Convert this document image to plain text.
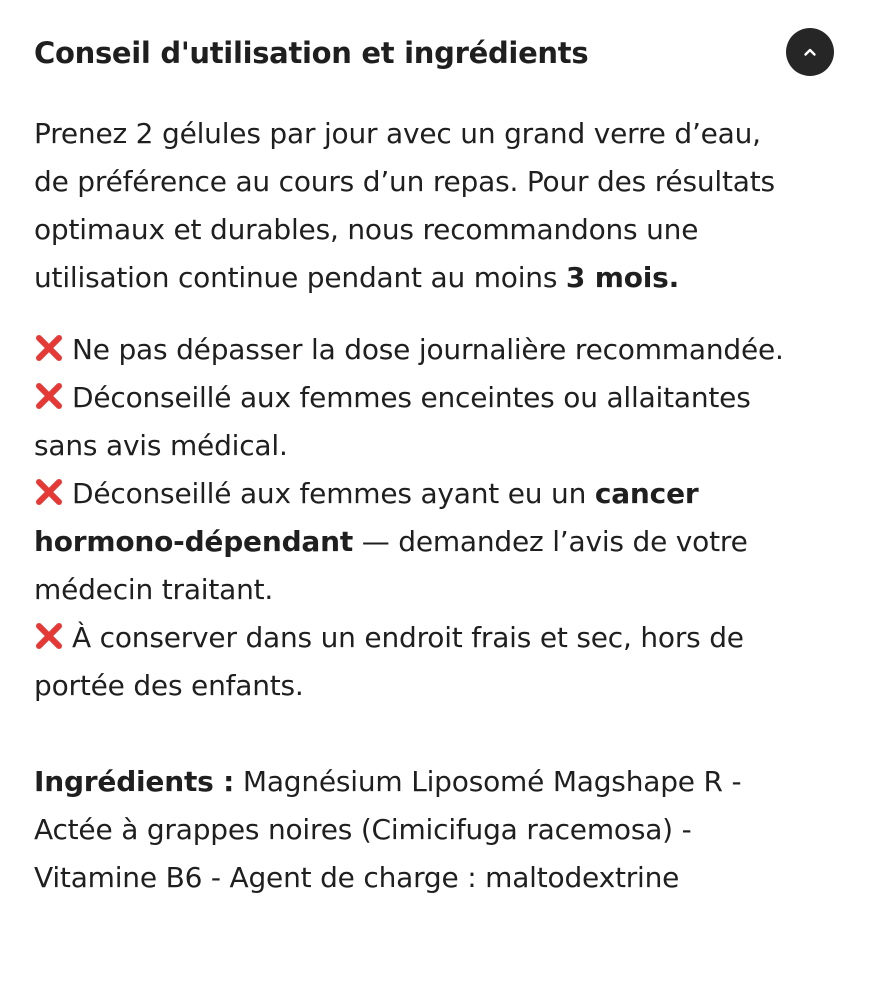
Conseil d'utilisation et ingrédients

Prenez 2 gélules par jour avec un grand verre d’eau, de préférence au cours d’un repas. Pour des résultats optimaux et durables, nous recommandons une utilisation continue pendant au moins 3 mois.

Ne pas dépasser la dose journalière recommandée.
Déconseillé aux femmes enceintes ou allaitantes sans avis médical.
Déconseillé aux femmes ayant eu un cancer hormono-dépendant — demandez l’avis de votre médecin traitant.
À conserver dans un endroit frais et sec, hors de portée des enfants.

Ingrédients : Magnésium Liposomé Magshape R - Actée à grappes noires (Cimicifuga racemosa) - Vitamine B6 - Agent de charge : maltodextrine
